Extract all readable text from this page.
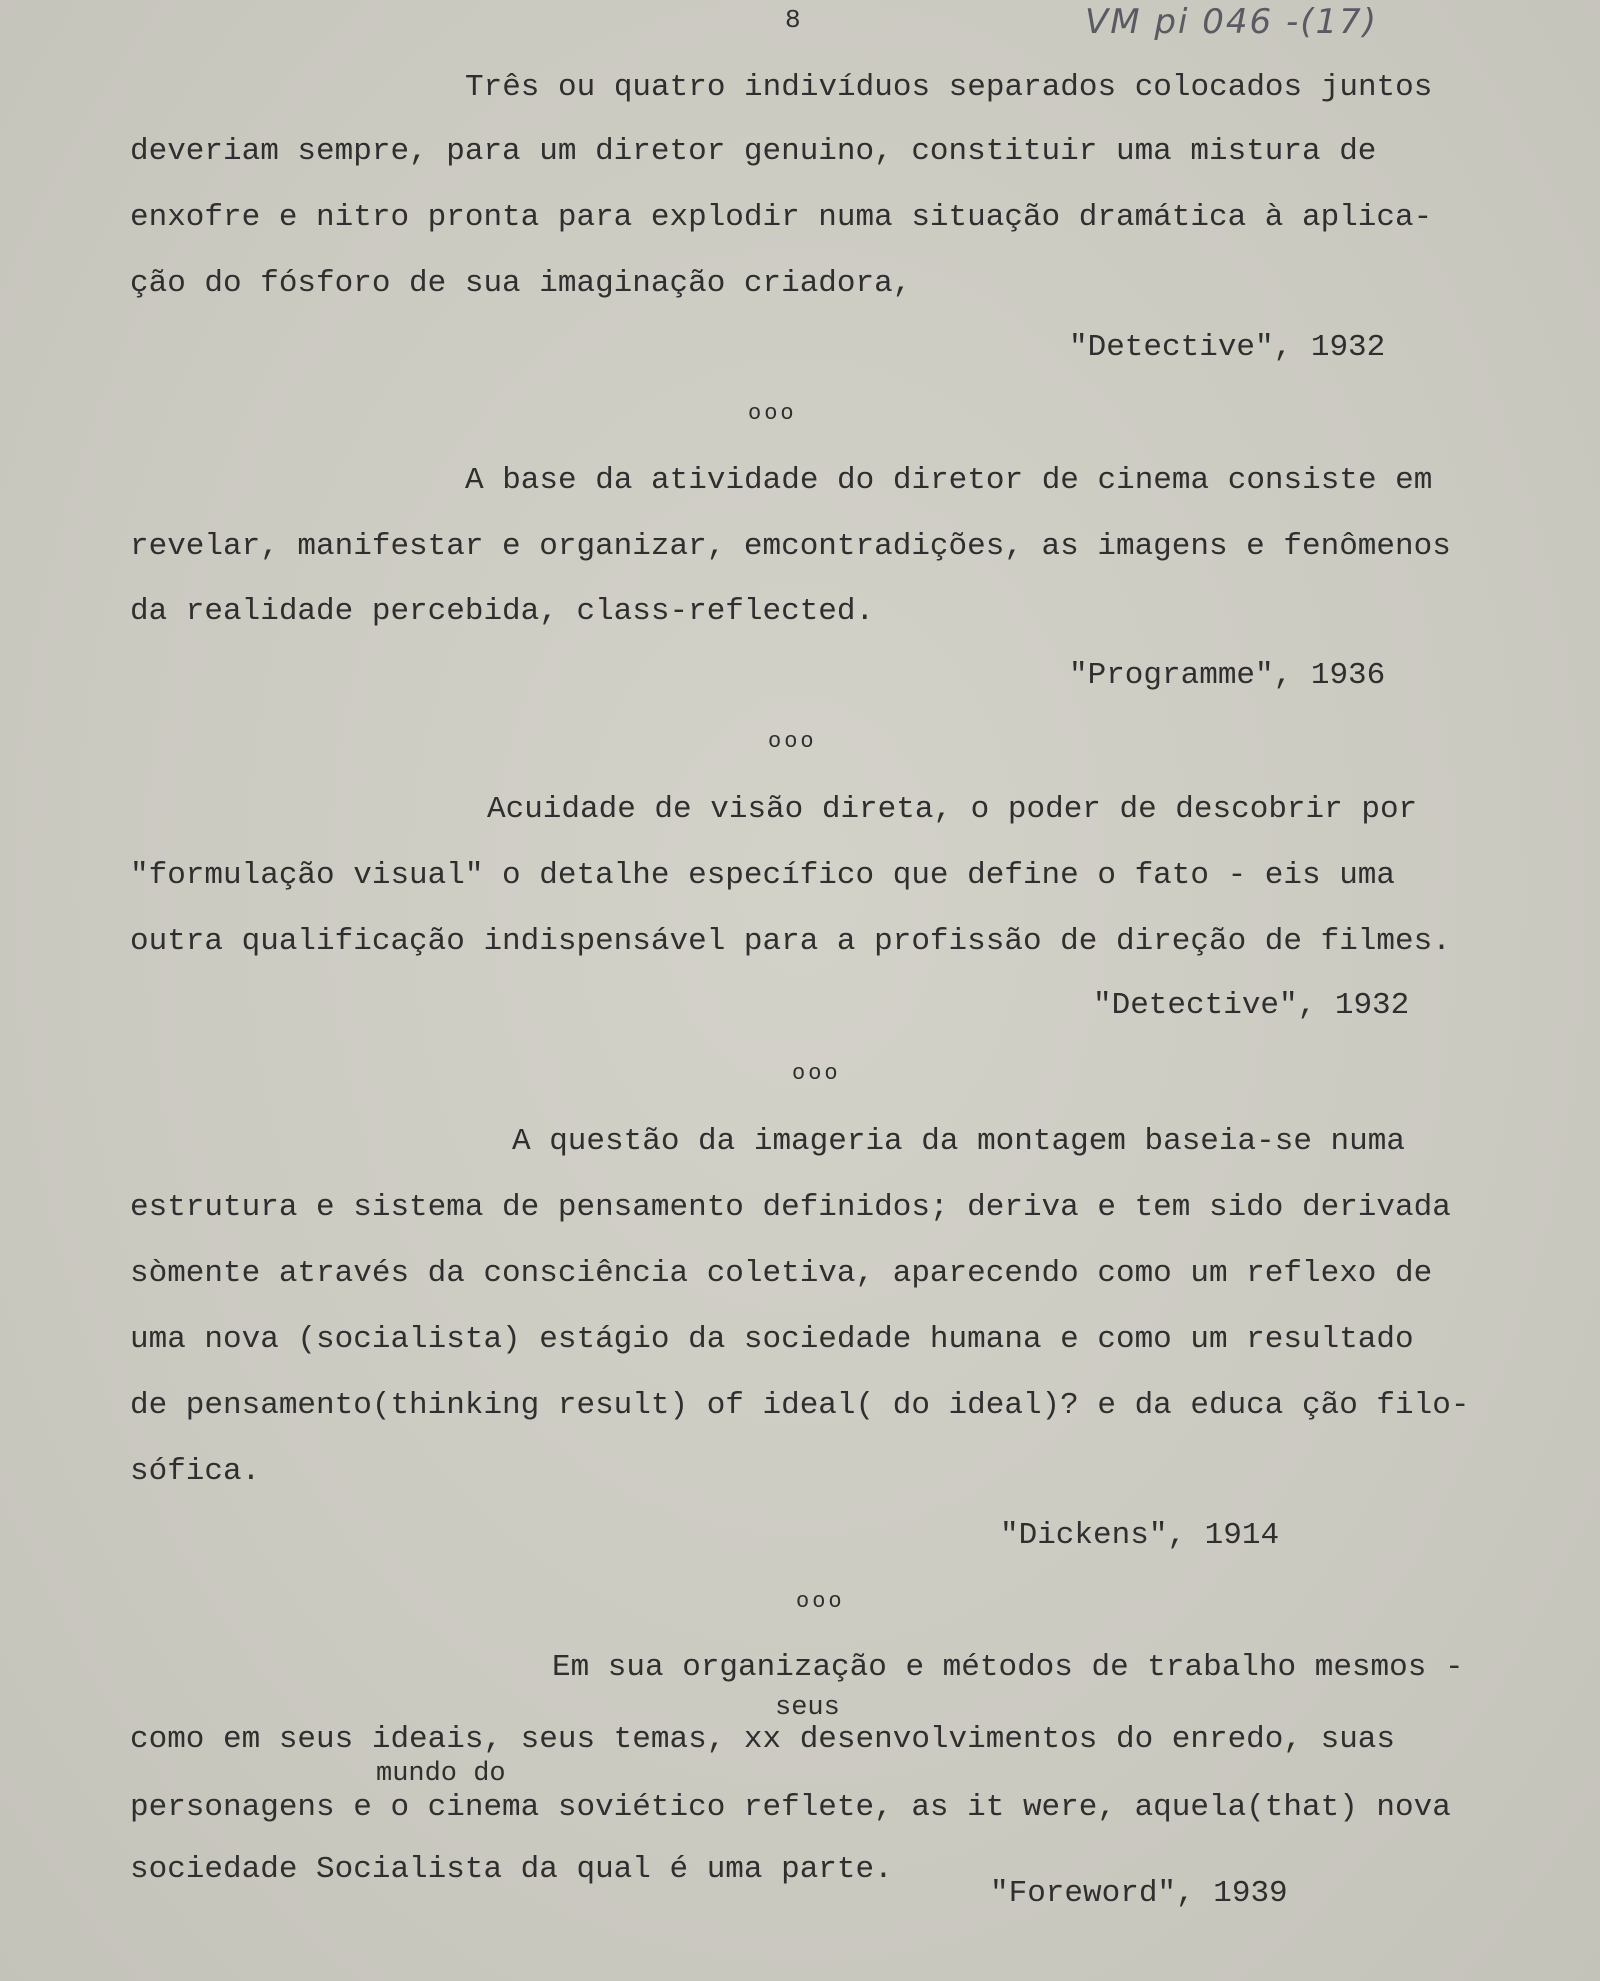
8	VM pi 046 -(17)
Três ou quatro indivíduos separados colocados juntos
deveriam sempre, para um diretor genuino, constituir uma mistura de
enxofre e nitro pronta para explodir numa situação dramática à aplica-
ção do fósforo de sua imaginação criadora,
"Detective", 1932
ooo
A base da atividade do diretor de cinema consiste em
revelar, manifestar e organizar, emcontradições, as imagens e fenômenos
da realidade percebida, class-reflected.
"Programme", 1936
ooo
Acuidade de visão direta, o poder de descobrir por
"formulação visual" o detalhe específico que define o fato - eis uma
outra qualificação indispensável para a profissão de direção de filmes.
"Detective", 1932
ooo
A questão da imageria da montagem baseia-se numa
estrutura e sistema de pensamento definidos; deriva e tem sido derivada
sòmente através da consciência coletiva, aparecendo como um reflexo de
uma nova (socialista) estágio da sociedade humana e como um resultado
de pensamento(thinking result) of ideal( do ideal)? e da educa ção filo-
sófica.
"Dickens", 1914
ooo
Em sua organização e métodos de trabalho mesmos -
seus
como em seus ideais, seus temas, xx desenvolvimentos do enredo, suas
mundo do
personagens e o cinema soviético reflete, as it were, aquela(that) nova
sociedade Socialista da qual é uma parte.
"Foreword", 1939
